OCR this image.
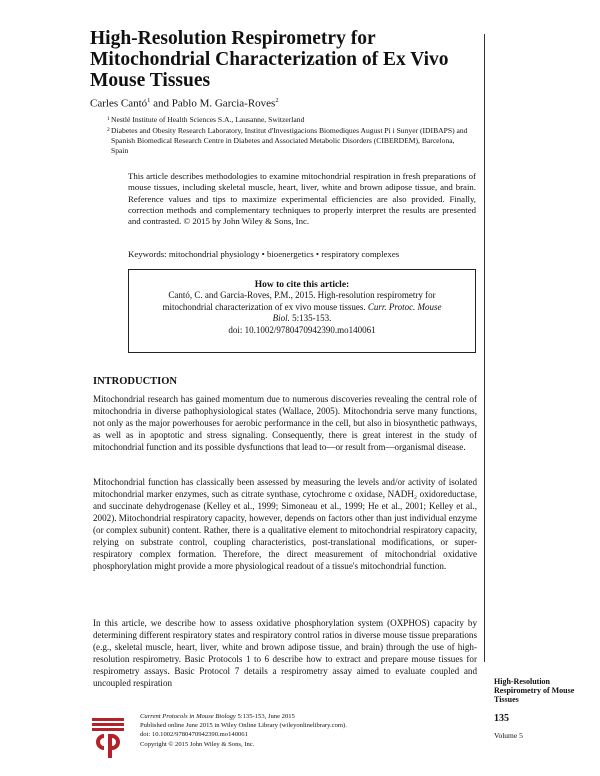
High-Resolution Respirometry for Mitochondrial Characterization of Ex Vivo Mouse Tissues
Carles Cantó$^1$ and Pablo M. Garcia-Roves$^2$
1 Nestlé Institute of Health Sciences S.A., Lausanne, Switzerland
2 Diabetes and Obesity Research Laboratory, Institut d'Investigacions Biomediques August Pi i Sunyer (IDIBAPS) and Spanish Biomedical Research Centre in Diabetes and Associated Metabolic Disorders (CIBERDEM), Barcelona, Spain
This article describes methodologies to examine mitochondrial respiration in fresh preparations of mouse tissues, including skeletal muscle, heart, liver, white and brown adipose tissue, and brain. Reference values and tips to maximize experimental efficiencies are also provided. Finally, correction methods and complementary techniques to properly interpret the results are presented and contrasted. © 2015 by John Wiley & Sons, Inc.
Keywords: mitochondrial physiology • bioenergetics • respiratory complexes
How to cite this article:
Cantó, C. and Garcia-Roves, P.M., 2015. High-resolution respirometry for mitochondrial characterization of ex vivo mouse tissues. Curr. Protoc. Mouse Biol. 5:135-153.
doi: 10.1002/9780470942390.mo140061
INTRODUCTION
Mitochondrial research has gained momentum due to numerous discoveries revealing the central role of mitochondria in diverse pathophysiological states (Wallace, 2005). Mitochondria serve many functions, not only as the major powerhouses for aerobic performance in the cell, but also in biosynthetic pathways, as well as in apoptotic and stress signaling. Consequently, there is great interest in the study of mitochondrial function and its possible dysfunctions that lead to—or result from—organismal disease.
Mitochondrial function has classically been assessed by measuring the levels and/or activity of isolated mitochondrial marker enzymes, such as citrate synthase, cytochrome c oxidase, NADH₂ oxidoreductase, and succinate dehydrogenase (Kelley et al., 1999; Simoneau et al., 1999; He et al., 2001; Kelley et al., 2002). Mitochondrial respiratory capacity, however, depends on factors other than just individual enzyme (or complex subunit) content. Rather, there is a qualitative element to mitochondrial respiratory capacity, relying on substrate control, coupling characteristics, post-translational modifications, or super-respiratory complex formation. Therefore, the direct measurement of mitochondrial oxidative phosphorylation might provide a more physiological readout of a tissue's mitochondrial function.
In this article, we describe how to assess oxidative phosphorylation system (OXPHOS) capacity by determining different respiratory states and respiratory control ratios in diverse mouse tissue preparations (e.g., skeletal muscle, heart, liver, white and brown adipose tissue, and brain) through the use of high-resolution respirometry. Basic Protocols 1 to 6 describe how to extract and prepare mouse tissues for respirometry assays. Basic Protocol 7 details a respirometry assay aimed to evaluate coupled and uncoupled respiration	High-Resolution Respirometry of Mouse Tissues
135
Volume 5
Current Protocols in Mouse Biology 5:135-153, June 2015
Published online June 2015 in Wiley Online Library (wileyonlinelibrary.com).
doi: 10.1002/9780470942390.mo140061
Copyright © 2015 John Wiley & Sons, Inc.
